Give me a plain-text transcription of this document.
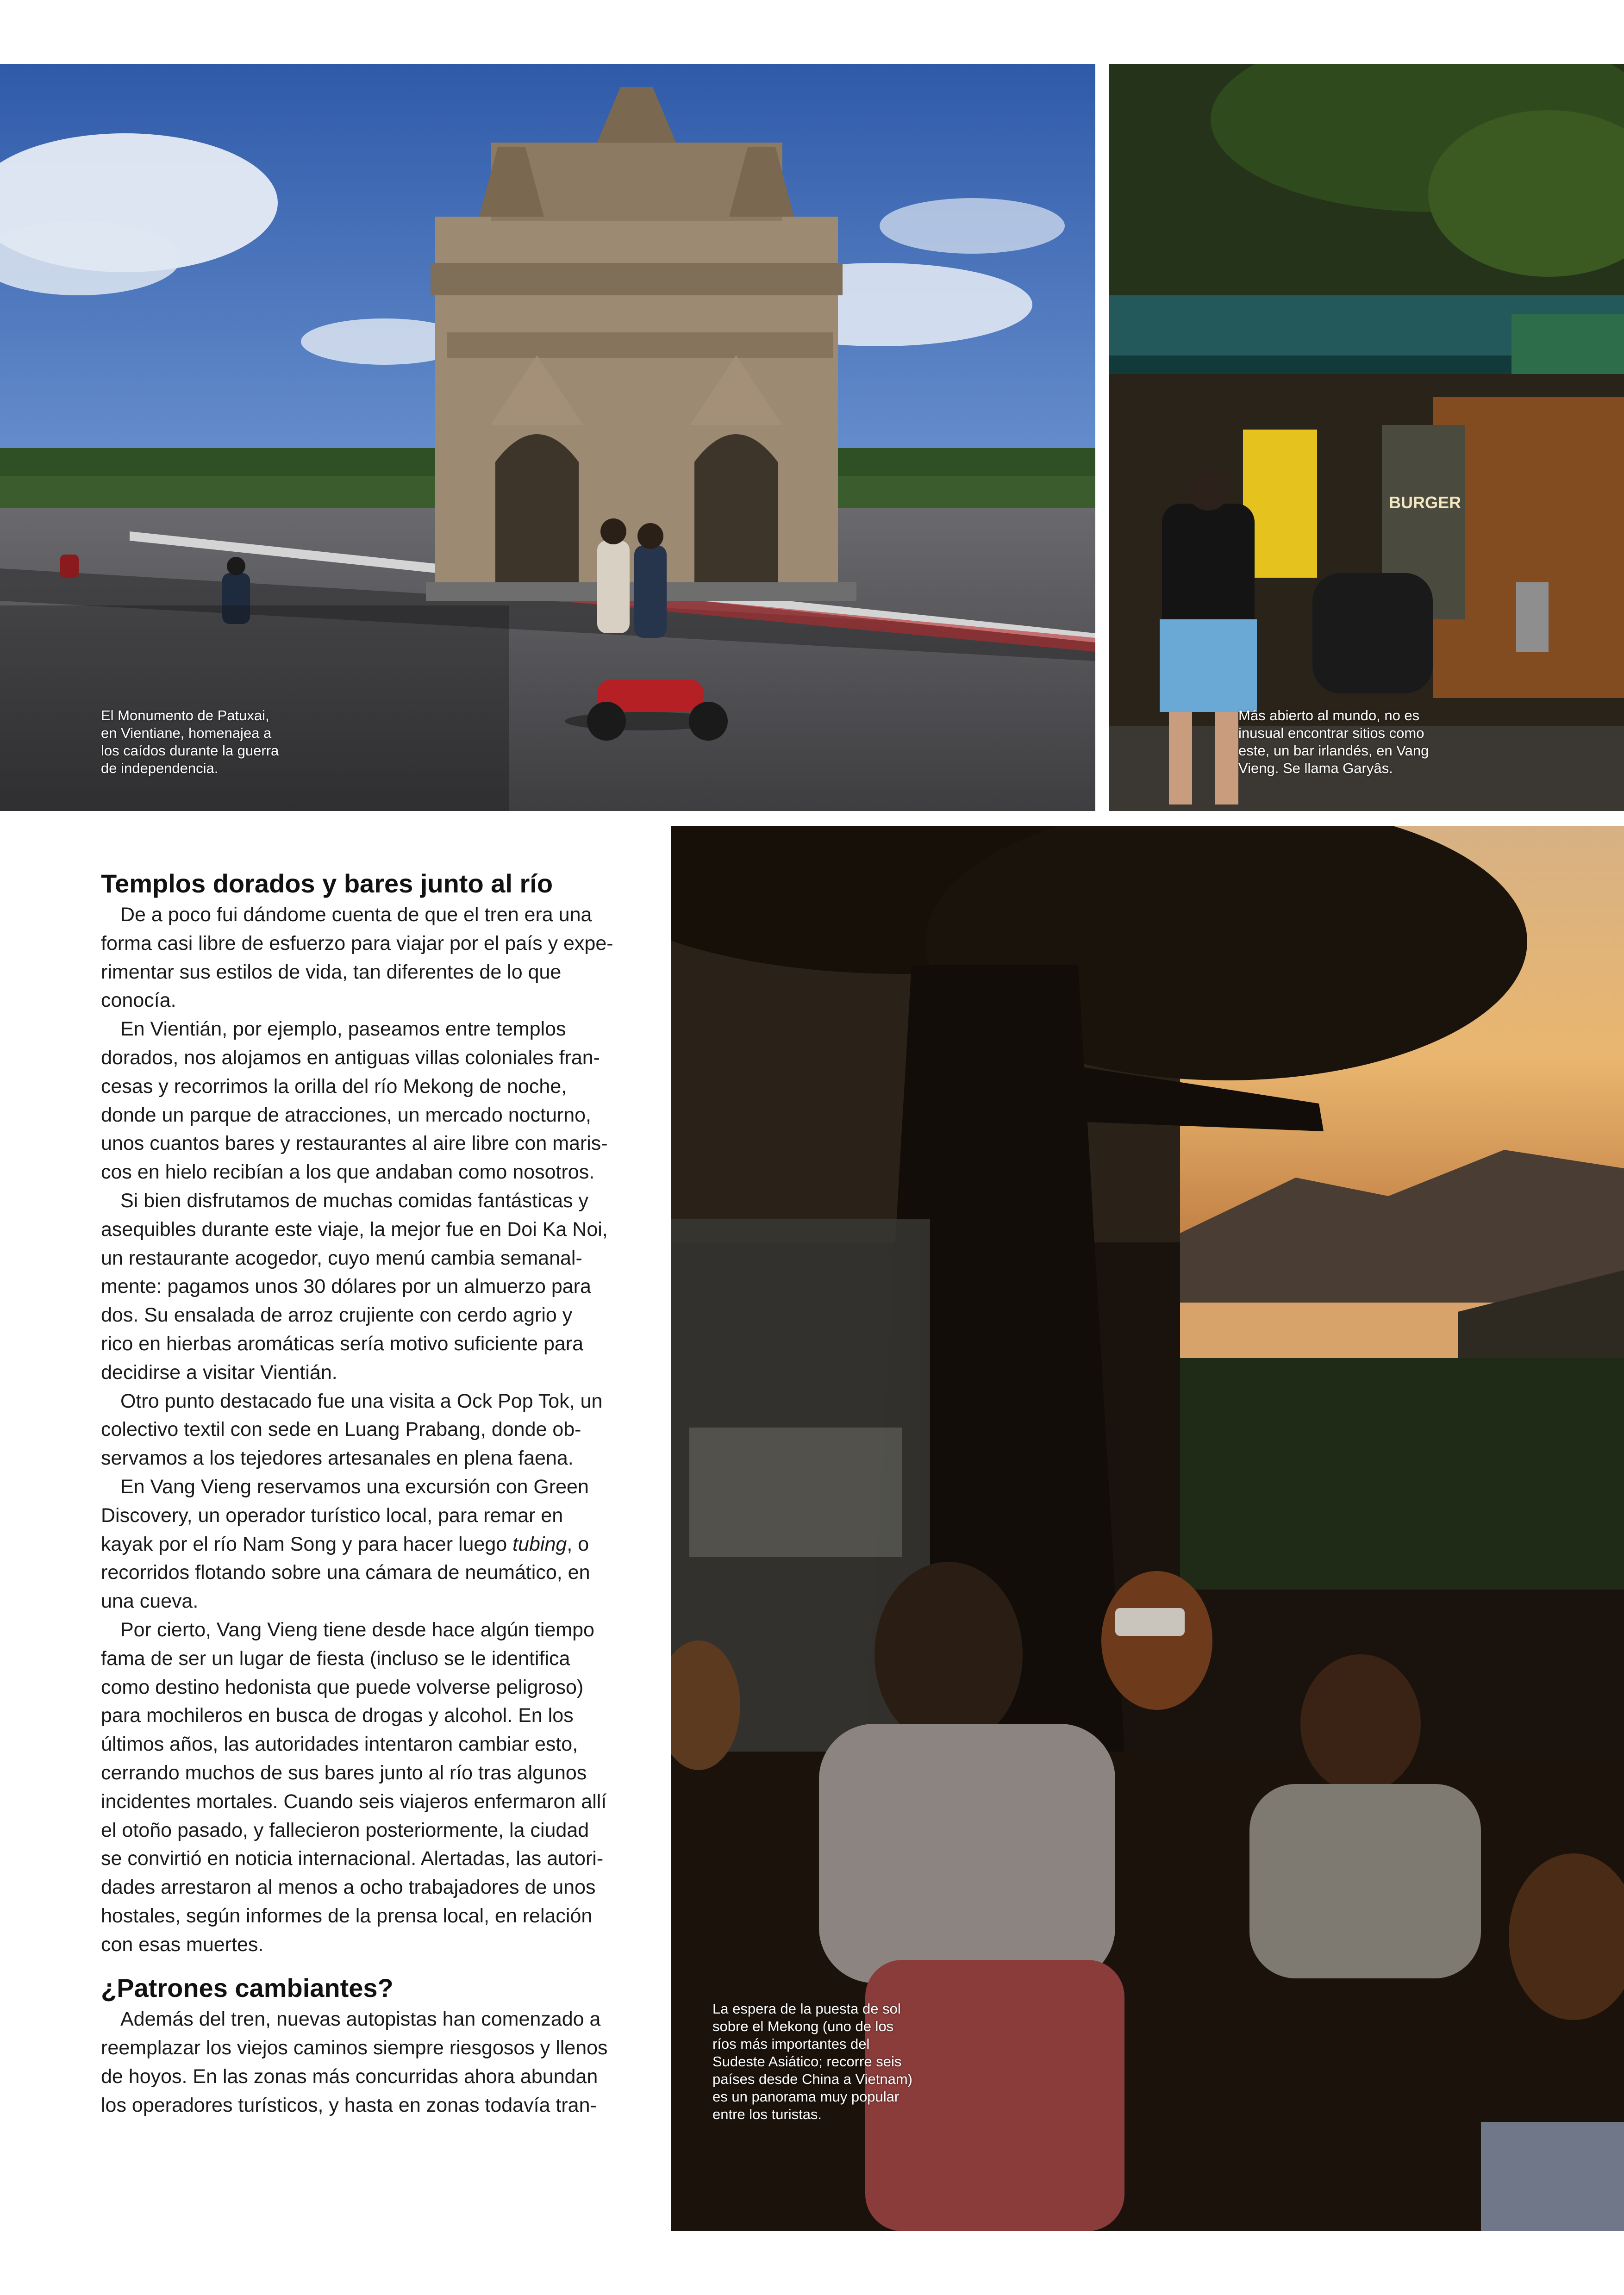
El Monumento de Patuxai,
en Vientiane, homenajea a
los caídos durante la guerra
de independencia.

BURGER

Más abierto al mundo, no es
inusual encontrar sitios como
este, un bar irlandés, en Vang
Vieng. Se llama Garyâs.

La espera de la puesta de sol
sobre el Mekong (uno de los
ríos más importantes del
Sudeste Asiático; recorre seis
países desde China a Vietnam)
es un panorama muy popular
entre los turistas.

Templos dorados y bares junto al río

De a poco fui dándome cuenta de que el tren era una
forma casi libre de esfuerzo para viajar por el país y expe-
rimentar sus estilos de vida, tan diferentes de lo que
conocía.

En Vientián, por ejemplo, paseamos entre templos
dorados, nos alojamos en antiguas villas coloniales fran-
cesas y recorrimos la orilla del río Mekong de noche,
donde un parque de atracciones, un mercado nocturno,
unos cuantos bares y restaurantes al aire libre con maris-
cos en hielo recibían a los que andaban como nosotros.

Si bien disfrutamos de muchas comidas fantásticas y
asequibles durante este viaje, la mejor fue en Doi Ka Noi,
un restaurante acogedor, cuyo menú cambia semanal-
mente: pagamos unos 30 dólares por un almuerzo para
dos. Su ensalada de arroz crujiente con cerdo agrio y
rico en hierbas aromáticas sería motivo suficiente para
decidirse a visitar Vientián.

Otro punto destacado fue una visita a Ock Pop Tok, un
colectivo textil con sede en Luang Prabang, donde ob-
servamos a los tejedores artesanales en plena faena.

En Vang Vieng reservamos una excursión con Green
Discovery, un operador turístico local, para remar en
kayak por el río Nam Song y para hacer luego tubing, o
recorridos flotando sobre una cámara de neumático, en
una cueva.

Por cierto, Vang Vieng tiene desde hace algún tiempo
fama de ser un lugar de fiesta (incluso se le identifica
como destino hedonista que puede volverse peligroso)
para mochileros en busca de drogas y alcohol. En los
últimos años, las autoridades intentaron cambiar esto,
cerrando muchos de sus bares junto al río tras algunos
incidentes mortales. Cuando seis viajeros enfermaron allí
el otoño pasado, y fallecieron posteriormente, la ciudad
se convirtió en noticia internacional. Alertadas, las autori-
dades arrestaron al menos a ocho trabajadores de unos
hostales, según informes de la prensa local, en relación
con esas muertes.

¿Patrones cambiantes?

Además del tren, nuevas autopistas han comenzado a
reemplazar los viejos caminos siempre riesgosos y llenos
de hoyos. En las zonas más concurridas ahora abundan
los operadores turísticos, y hasta en zonas todavía tran-
